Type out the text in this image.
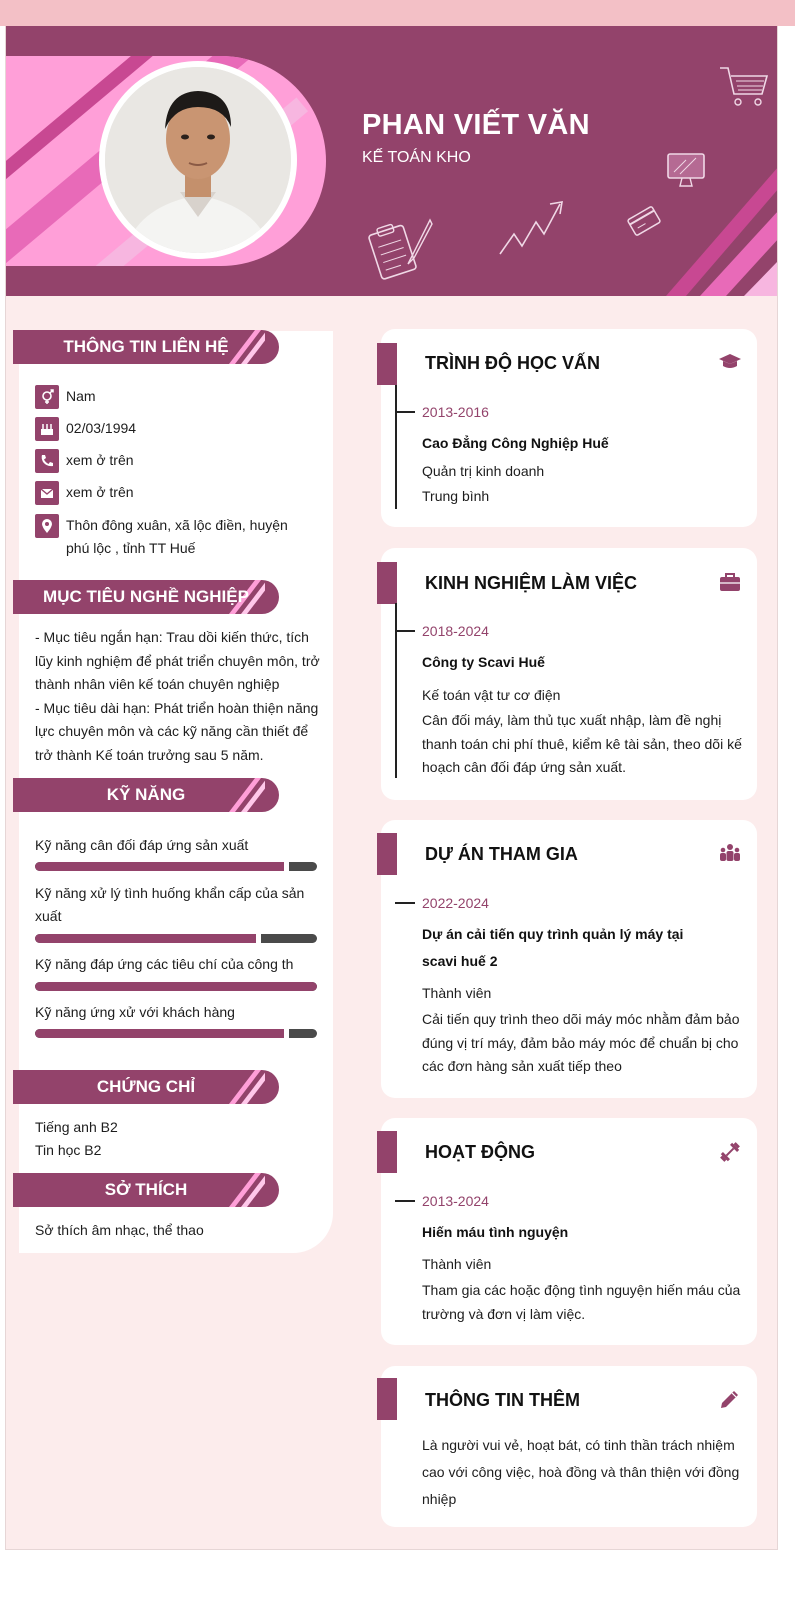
PHAN VIẾT VĂN
KẾ TOÁN KHO
THÔNG TIN LIÊN HỆ
Nam
02/03/1994
xem ở trên
xem ở trên
Thôn đông xuân, xã lộc điền, huyện phú lộc , tỉnh TT Huế
MỤC TIÊU NGHỀ NGHIỆP
- Mục tiêu ngắn hạn: Trau dồi kiến thức, tích lũy kinh nghiệm để phát triển chuyên môn, trở thành nhân viên kế toán chuyên nghiệp
- Mục tiêu dài hạn: Phát triển hoàn thiện năng lực chuyên môn và các kỹ năng cần thiết để trở thành Kế toán trưởng sau 5 năm.
KỸ NĂNG
Kỹ năng cân đối đáp ứng sản xuất
Kỹ năng xử lý tình huống khẩn cấp của sản xuất
Kỹ năng đáp ứng các tiêu chí của công th
Kỹ năng ứng xử với khách hàng
CHỨNG CHỈ
Tiếng anh B2
Tin học B2
SỞ THÍCH
Sở thích âm nhạc, thể thao
TRÌNH ĐỘ HỌC VẤN
2013-2016
Cao Đẳng Công Nghiệp Huế
Quản trị kinh doanh
Trung bình
KINH NGHIỆM LÀM VIỆC
2018-2024
Công ty Scavi Huế
Kế toán vật tư cơ điện
Cân đối máy, làm thủ tục xuất nhập, làm đề nghị thanh toán chi phí thuê, kiểm kê tài sản, theo dõi kế hoạch cân đối đáp ứng sản xuất.
DỰ ÁN THAM GIA
2022-2024
Dự án cải tiến quy trình quản lý máy tại scavi huế 2
Thành viên
Cải tiến quy trình theo dõi máy móc nhằm đảm bảo đúng vị trí máy, đảm bảo máy móc để chuẩn bị cho các đơn hàng sản xuất tiếp theo
HOẠT ĐỘNG
2013-2024
Hiến máu tình nguyện
Thành viên
Tham gia các hoặc động tình nguyện hiến máu của trường và đơn vị làm việc.
THÔNG TIN THÊM
Là người vui vẻ, hoạt bát, có tinh thần trách nhiệm cao với công việc, hoà đồng và thân thiện với đồng nhiệp
